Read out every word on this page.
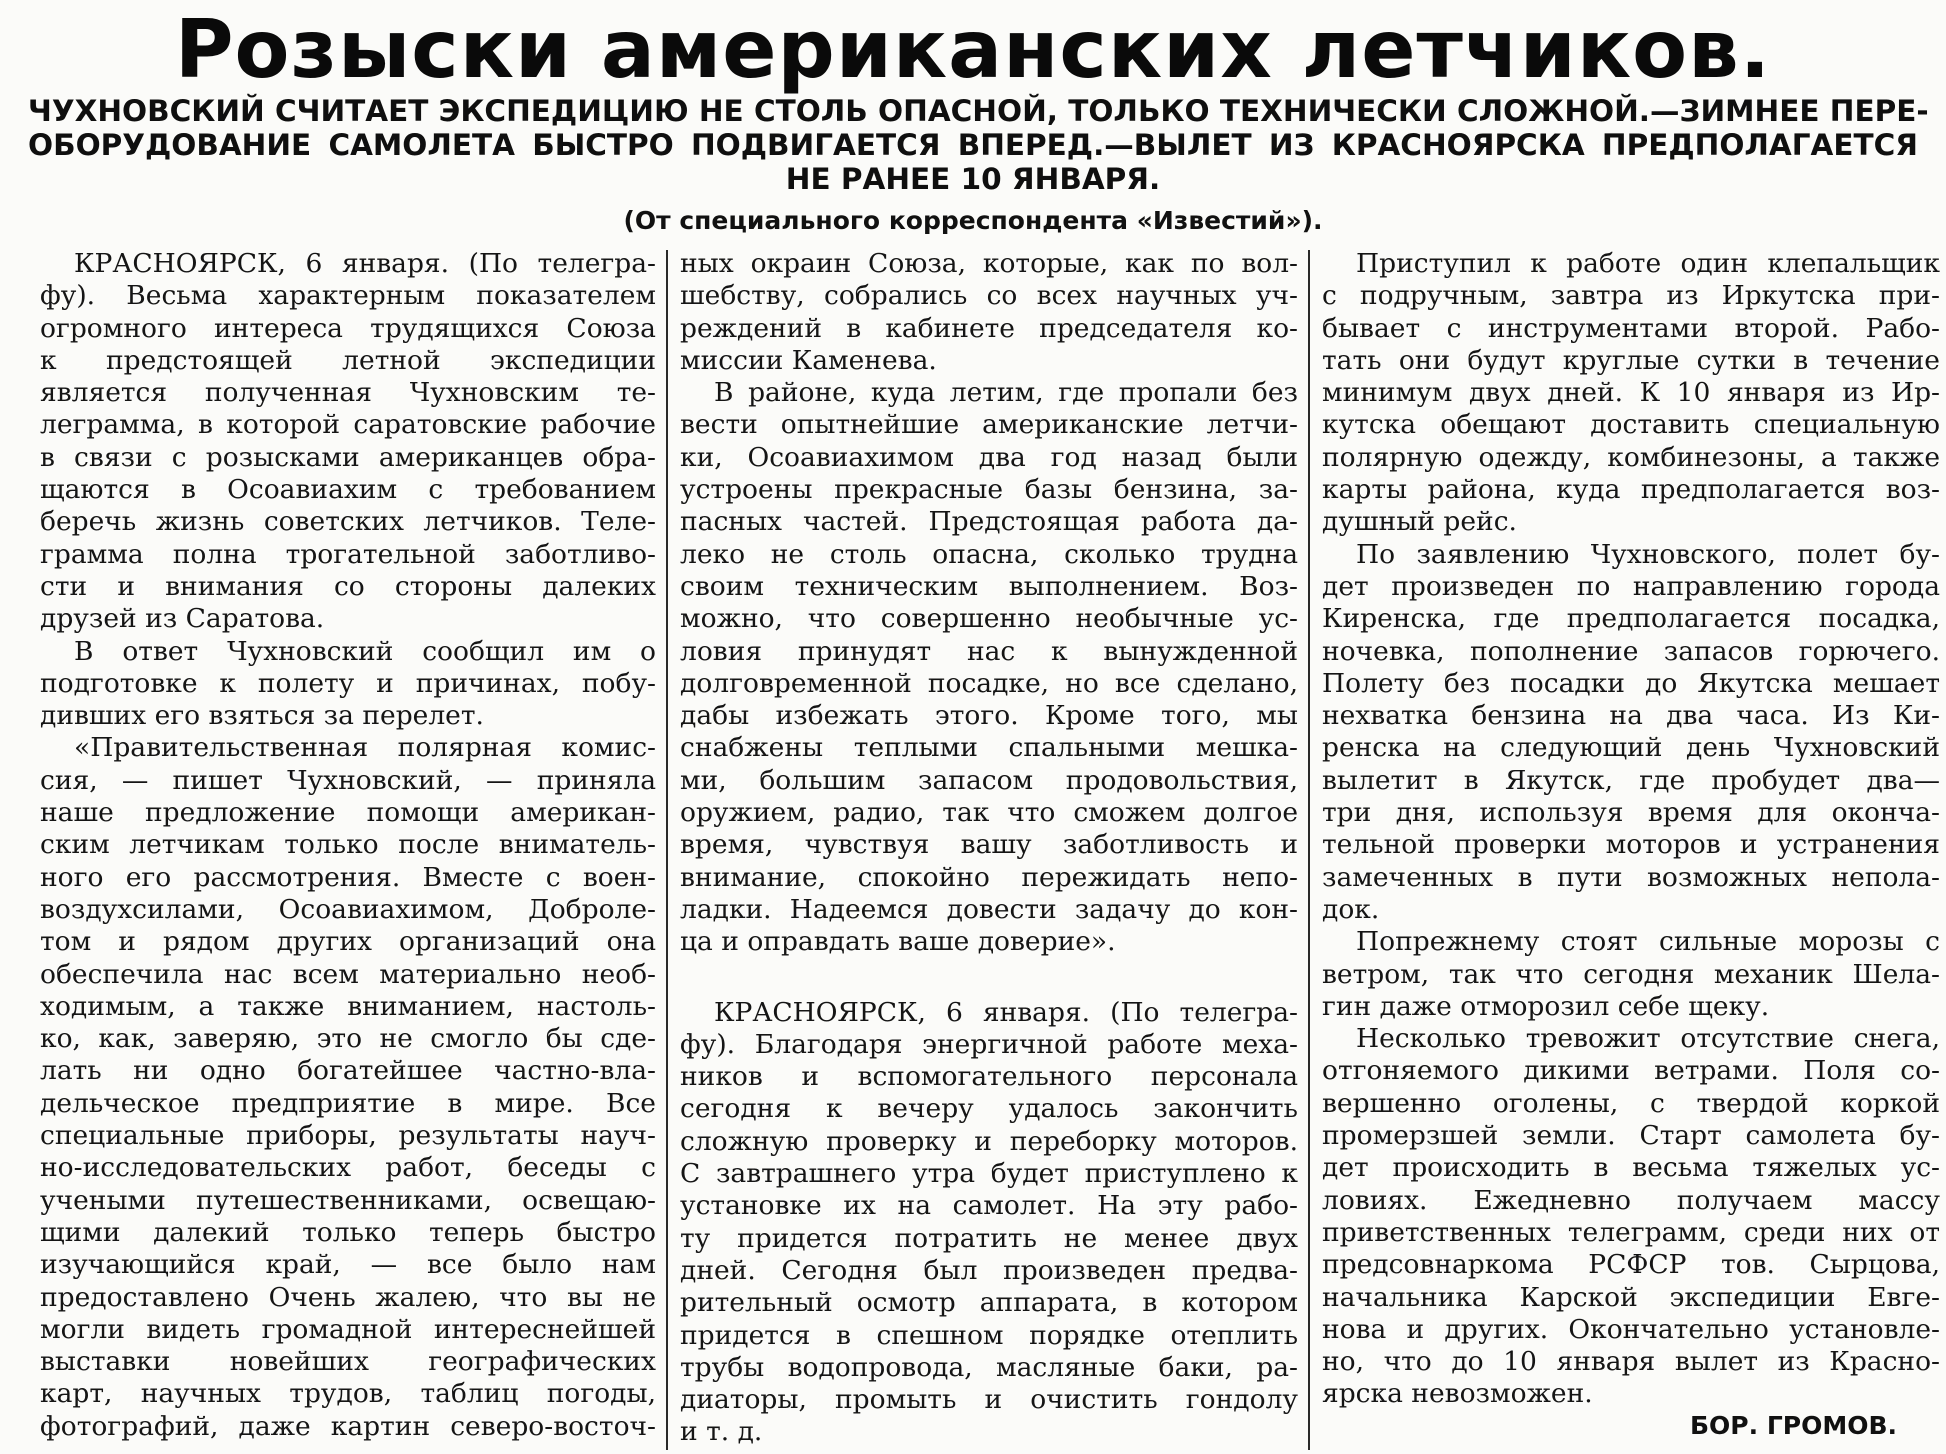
Розыски американских летчиков.
ЧУХНОВСКИЙ СЧИТАЕТ ЭКСПЕДИЦИЮ НЕ СТОЛЬ ОПАСНОЙ, ТОЛЬКО ТЕХНИЧЕСКИ СЛОЖНОЙ.—ЗИМНЕЕ ПЕРЕ-
ОБОРУДОВАНИЕ САМОЛЕТА БЫСТРО ПОДВИГАЕТСЯ ВПЕРЕД.—ВЫЛЕТ ИЗ КРАСНОЯРСКА ПРЕДПОЛАГАЕТСЯ
НЕ РАНЕЕ 10 ЯНВАРЯ.
(От специального корреспондента «Известий»).
КРАСНОЯРСК, 6 января. (По телегра-
фу). Весьма характерным показателем
огромного интереса трудящихся Союза
к предстоящей летной экспедиции
является полученная Чухновским те-
леграмма, в которой саратовские рабочие
в связи с розысками американцев обра-
щаются в Осоавиахим с требованием
беречь жизнь советских летчиков. Теле-
грамма полна трогательной заботливо-
сти и внимания со стороны далеких
друзей из Саратова.
В ответ Чухновский сообщил им о
подготовке к полету и причинах, побу-
дивших его взяться за перелет.
«Правительственная полярная комис-
сия, — пишет Чухновский, — приняла
наше предложение помощи американ-
ским летчикам только после вниматель-
ного его рассмотрения. Вместе с воен-
воздухсилами, Осоавиахимом, Доброле-
том и рядом других организаций она
обеспечила нас всем материально необ-
ходимым, а также вниманием, настоль-
ко, как, заверяю, это не смогло бы сде-
лать ни одно богатейшее частно-вла-
дельческое предприятие в мире. Все
специальные приборы, результаты науч-
но-исследовательских работ, беседы с
учеными путешественниками, освещаю-
щими далекий только теперь быстро
изучающийся край, — все было нам
предоставлено Очень жалею, что вы не
могли видеть громадной интереснейшей
выставки новейших географических
карт, научных трудов, таблиц погоды,
фотографий, даже картин северо-восточ-
ных окраин Союза, которые, как по вол-
шебству, собрались со всех научных уч-
реждений в кабинете председателя ко-
миссии Каменева.
В районе, куда летим, где пропали без
вести опытнейшие американские летчи-
ки, Осоавиахимом два год назад были
устроены прекрасные базы бензина, за-
пасных частей. Предстоящая работа да-
леко не столь опасна, сколько трудна
своим техническим выполнением. Воз-
можно, что совершенно необычные ус-
ловия принудят нас к вынужденной
долговременной посадке, но все сделано,
дабы избежать этого. Кроме того, мы
снабжены теплыми спальными мешка-
ми, большим запасом продовольствия,
оружием, радио, так что сможем долгое
время, чувствуя вашу заботливость и
внимание, спокойно пережидать непо-
ладки. Надеемся довести задачу до кон-
ца и оправдать ваше доверие».
КРАСНОЯРСК, 6 января. (По телегра-
фу). Благодаря энергичной работе меха-
ников и вспомогательного персонала
сегодня к вечеру удалось закончить
сложную проверку и переборку моторов.
С завтрашнего утра будет приступлено к
установке их на самолет. На эту рабо-
ту придется потратить не менее двух
дней. Сегодня был произведен предва-
рительный осмотр аппарата, в котором
придется в спешном порядке отеплить
трубы водопровода, масляные баки, ра-
диаторы, промыть и очистить гондолу
и т. д.
Приступил к работе один клепальщик
с подручным, завтра из Иркутска при-
бывает с инструментами второй. Рабо-
тать они будут круглые сутки в течение
минимум двух дней. К 10 января из Ир-
кутска обещают доставить специальную
полярную одежду, комбинезоны, а также
карты района, куда предполагается воз-
душный рейс.
По заявлению Чухновского, полет бу-
дет произведен по направлению города
Киренска, где предполагается посадка,
ночевка, пополнение запасов горючего.
Полету без посадки до Якутска мешает
нехватка бензина на два часа. Из Ки-
ренска на следующий день Чухновский
вылетит в Якутск, где пробудет два—
три дня, используя время для оконча-
тельной проверки моторов и устранения
замеченных в пути возможных непола-
док.
Попрежнему стоят сильные морозы с
ветром, так что сегодня механик Шела-
гин даже отморозил себе щеку.
Несколько тревожит отсутствие снега,
отгоняемого дикими ветрами. Поля со-
вершенно оголены, с твердой коркой
промерзшей земли. Старт самолета бу-
дет происходить в весьма тяжелых ус-
ловиях. Ежедневно получаем массу
приветственных телеграмм, среди них от
предсовнаркома РСФСР тов. Сырцова,
начальника Карской экспедиции Евге-
нова и других. Окончательно установле-
но, что до 10 января вылет из Красно-
ярска невозможен.
БОР. ГРОМОВ.
